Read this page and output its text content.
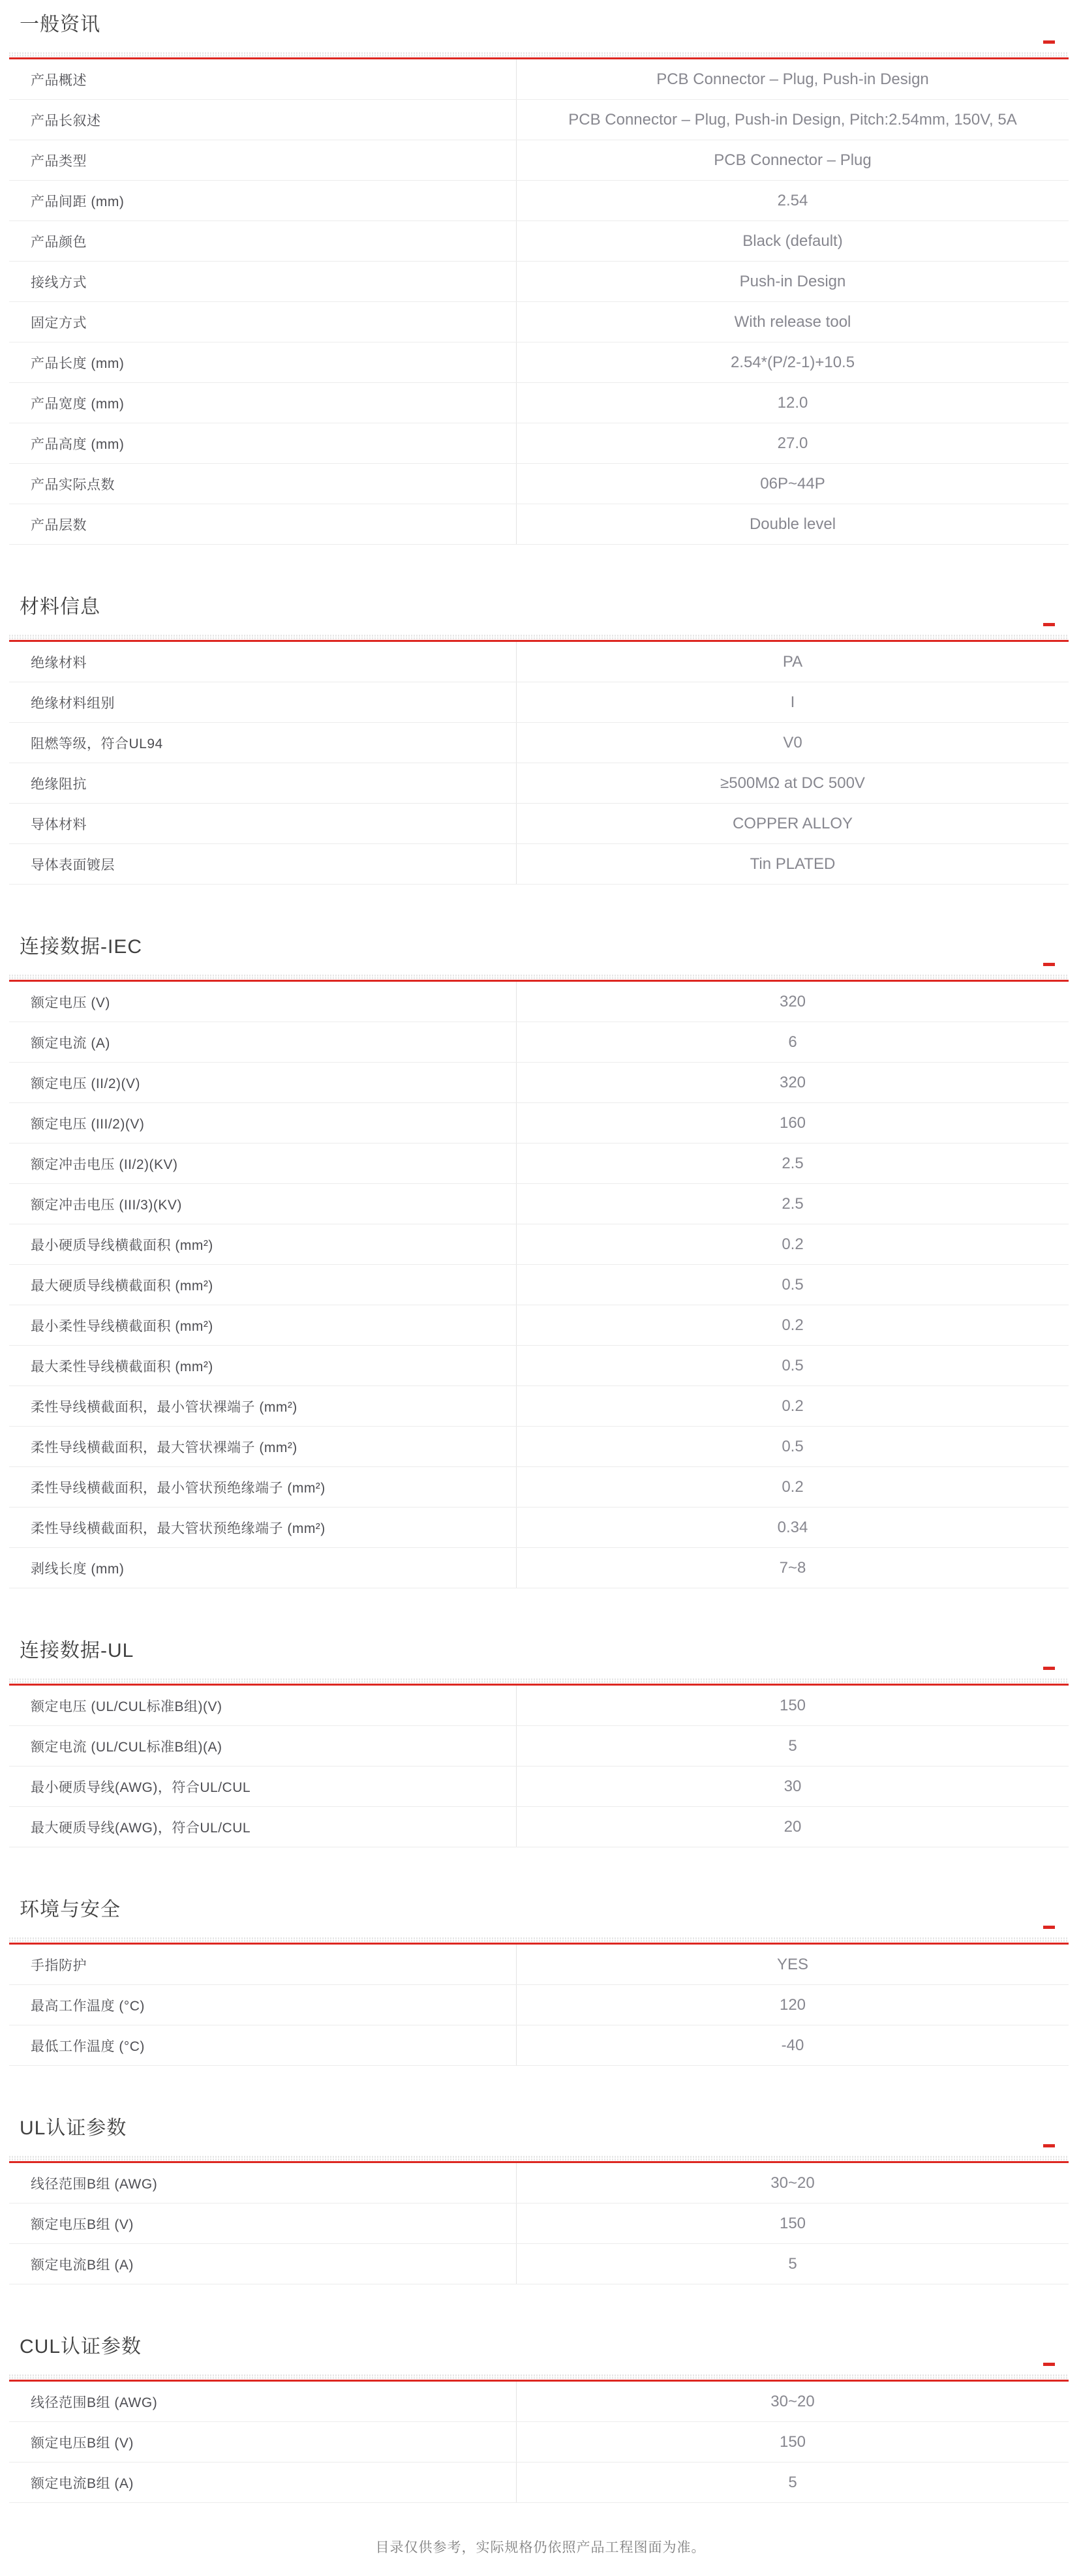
一般资讯
产品概述	PCB Connector – Plug, Push-in Design
产品长叙述	PCB Connector – Plug, Push-in Design, Pitch:2.54mm, 150V, 5A
产品类型	PCB Connector – Plug
产品间距 (mm)	2.54
产品颜色	Black (default)
接线方式	Push-in Design
固定方式	With release tool
产品长度 (mm)	2.54*(P/2-1)+10.5
产品宽度 (mm)	12.0
产品高度 (mm)	27.0
产品实际点数	06P~44P
产品层数	Double level
材料信息
绝缘材料	PA
绝缘材料组别	I
阻燃等级，符合UL94	V0
绝缘阻抗	≥500MΩ at DC 500V
导体材料	COPPER ALLOY
导体表面镀层	Tin PLATED
连接数据-IEC
额定电压 (V)	320
额定电流 (A)	6
额定电压 (II/2)(V)	320
额定电压 (III/2)(V)	160
额定冲击电压 (II/2)(KV)	2.5
额定冲击电压 (III/3)(KV)	2.5
最小硬质导线横截面积 (mm²)	0.2
最大硬质导线横截面积 (mm²)	0.5
最小柔性导线横截面积 (mm²)	0.2
最大柔性导线横截面积 (mm²)	0.5
柔性导线横截面积，最小管状裸端子 (mm²)	0.2
柔性导线横截面积，最大管状裸端子 (mm²)	0.5
柔性导线横截面积，最小管状预绝缘端子 (mm²)	0.2
柔性导线横截面积，最大管状预绝缘端子 (mm²)	0.34
剥线长度 (mm)	7~8
连接数据-UL
额定电压 (UL/CUL标准B组)(V)	150
额定电流 (UL/CUL标准B组)(A)	5
最小硬质导线(AWG)，符合UL/CUL	30
最大硬质导线(AWG)，符合UL/CUL	20
环境与安全
手指防护	YES
最高工作温度 (°C)	120
最低工作温度 (°C)	-40
UL认证参数
线径范围B组 (AWG)	30~20
额定电压B组 (V)	150
额定电流B组 (A)	5
CUL认证参数
线径范围B组 (AWG)	30~20
额定电压B组 (V)	150
额定电流B组 (A)	5
目录仅供参考，实际规格仍依照产品工程图面为准。
